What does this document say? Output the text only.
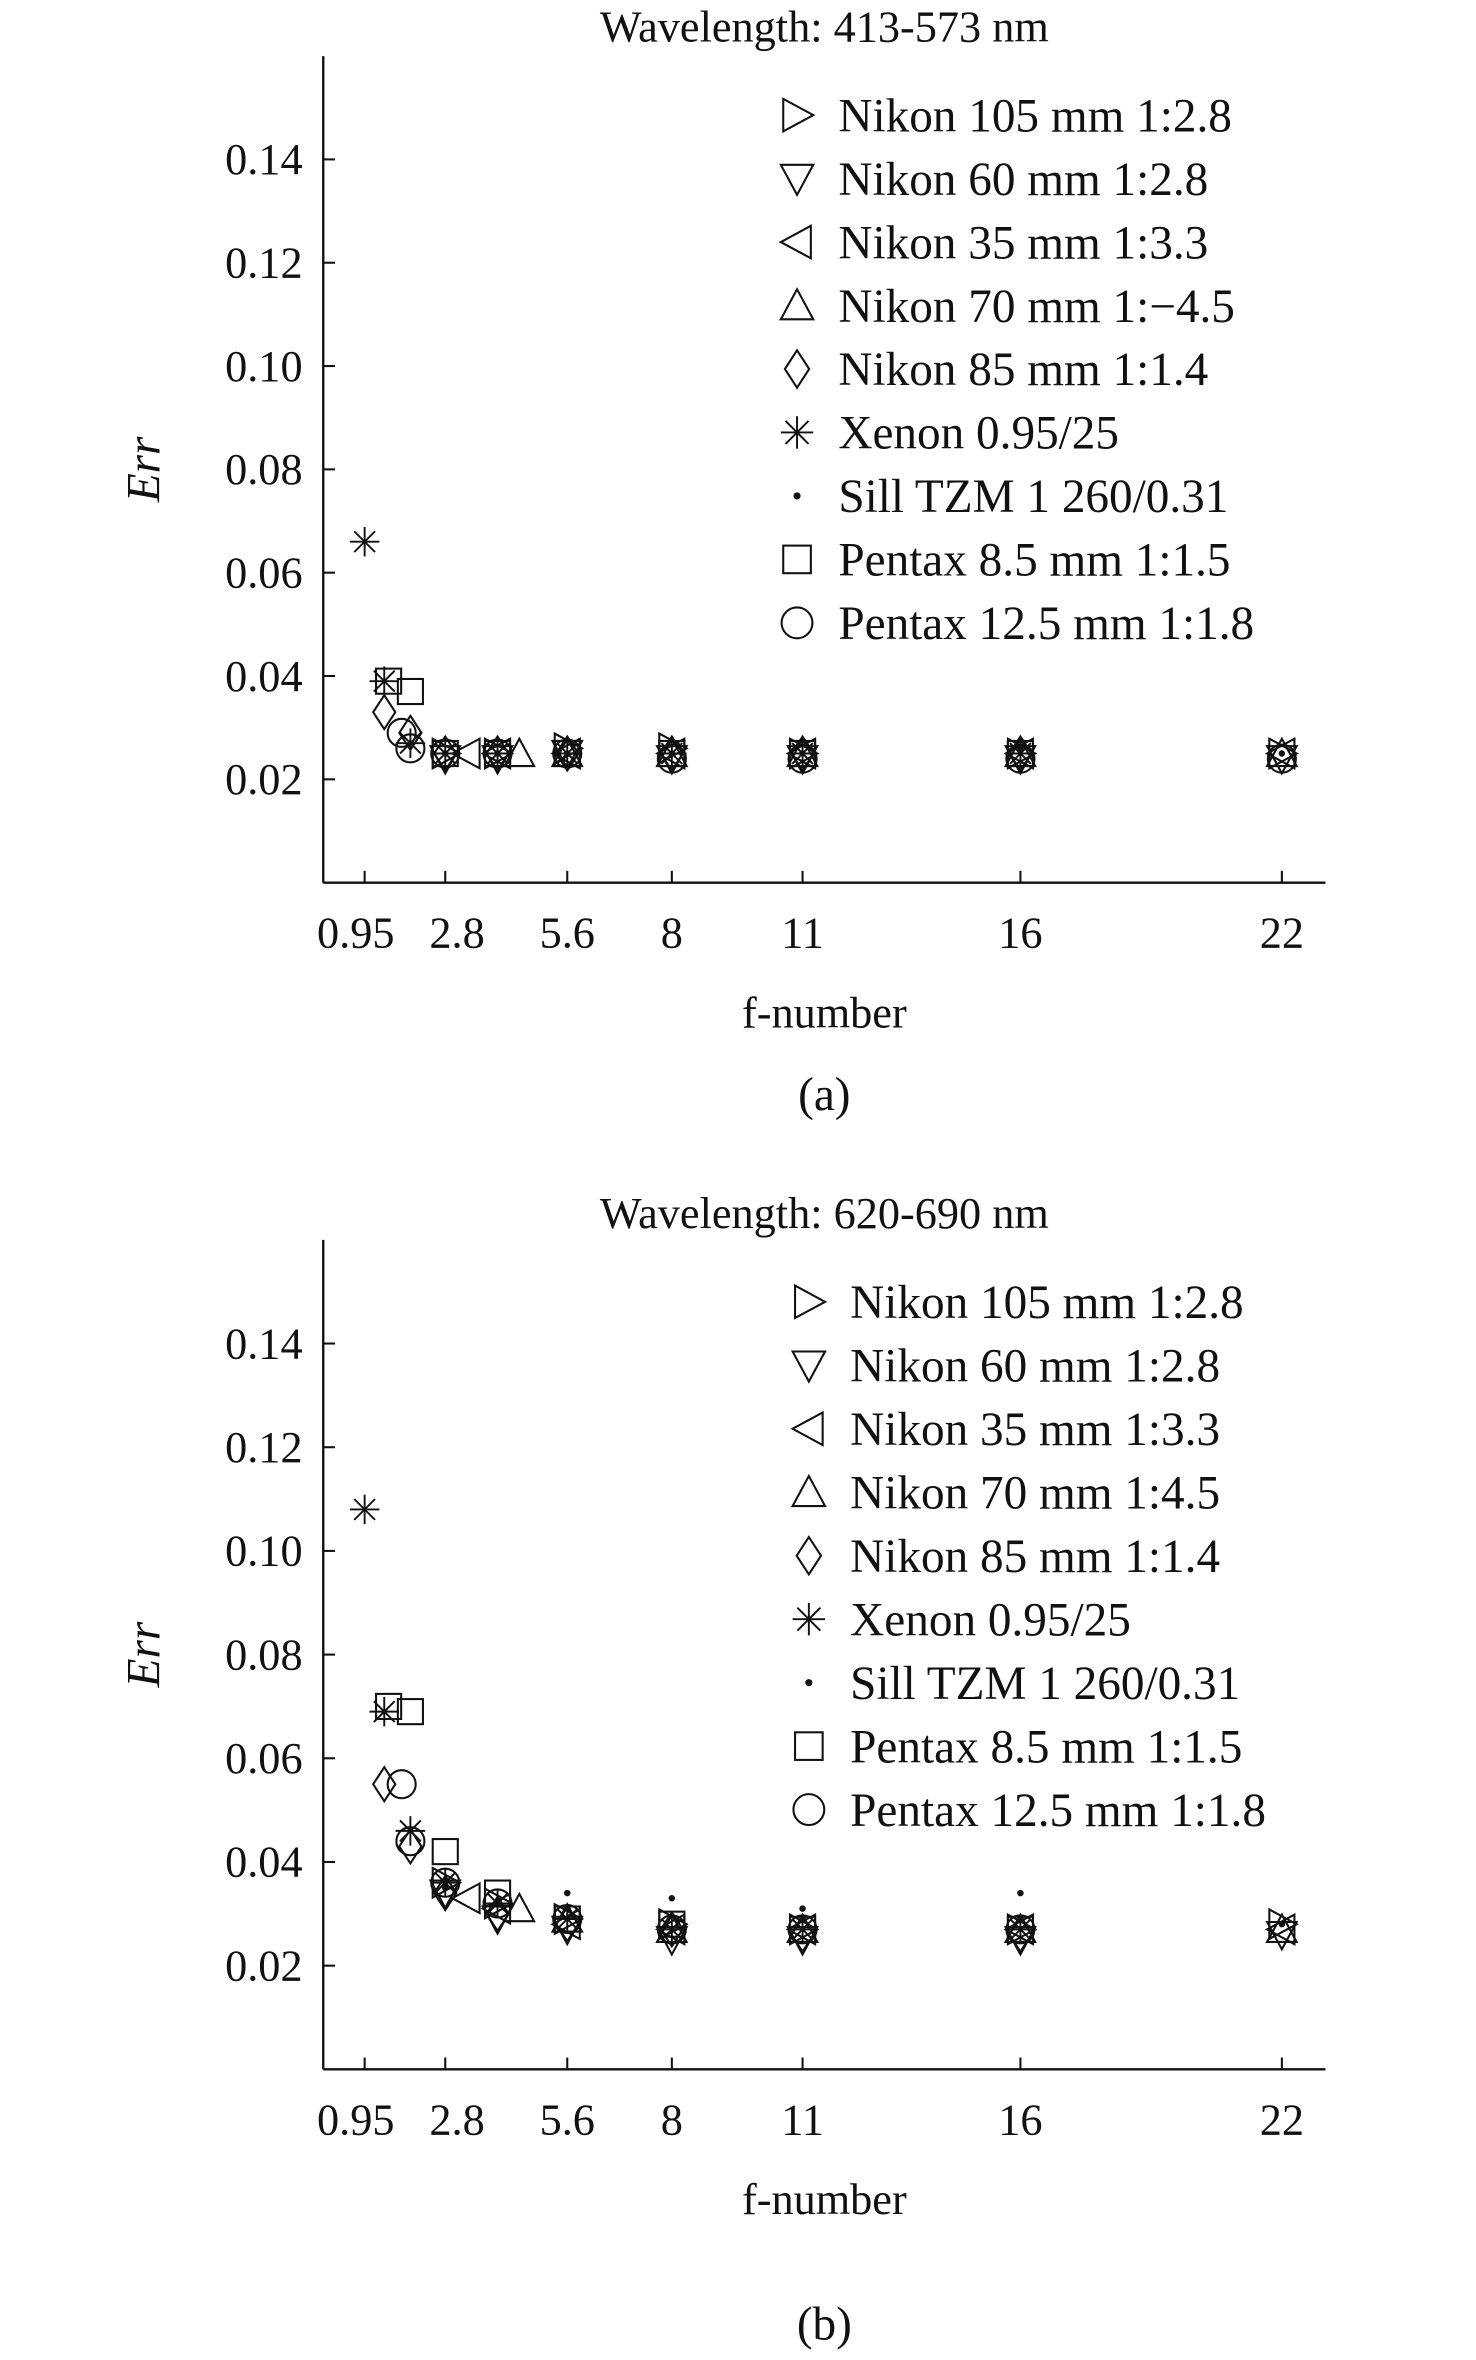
Wavelength: 413-573 nm
0.02
0.04
0.06
0.08
0.10
0.12
0.14
0.95 2.8 5.6 8	11	16	22
f-number
Err
Nikon 105 mm 1:2.8
Nikon 60 mm 1:2.8
Nikon 35 mm 1:3.3
Nikon 70 mm 1:−4.5
Nikon 85 mm 1:1.4
Xenon 0.95/25
Sill TZM 1 260/0.31
Pentax 8.5 mm 1:1.5
Pentax 12.5 mm 1:1.8
(a)
Wavelength: 620-690 nm
0.02
0.04
0.06
0.08
0.10
0.12
0.14
0.95 2.8 5.6 8	11	16	22
f-number
Err
Nikon 105 mm 1:2.8
Nikon 60 mm 1:2.8
Nikon 35 mm 1:3.3
Nikon 70 mm 1:4.5
Nikon 85 mm 1:1.4
Xenon 0.95/25
Sill TZM 1 260/0.31
Pentax 8.5 mm 1:1.5
Pentax 12.5 mm 1:1.8
(b)
